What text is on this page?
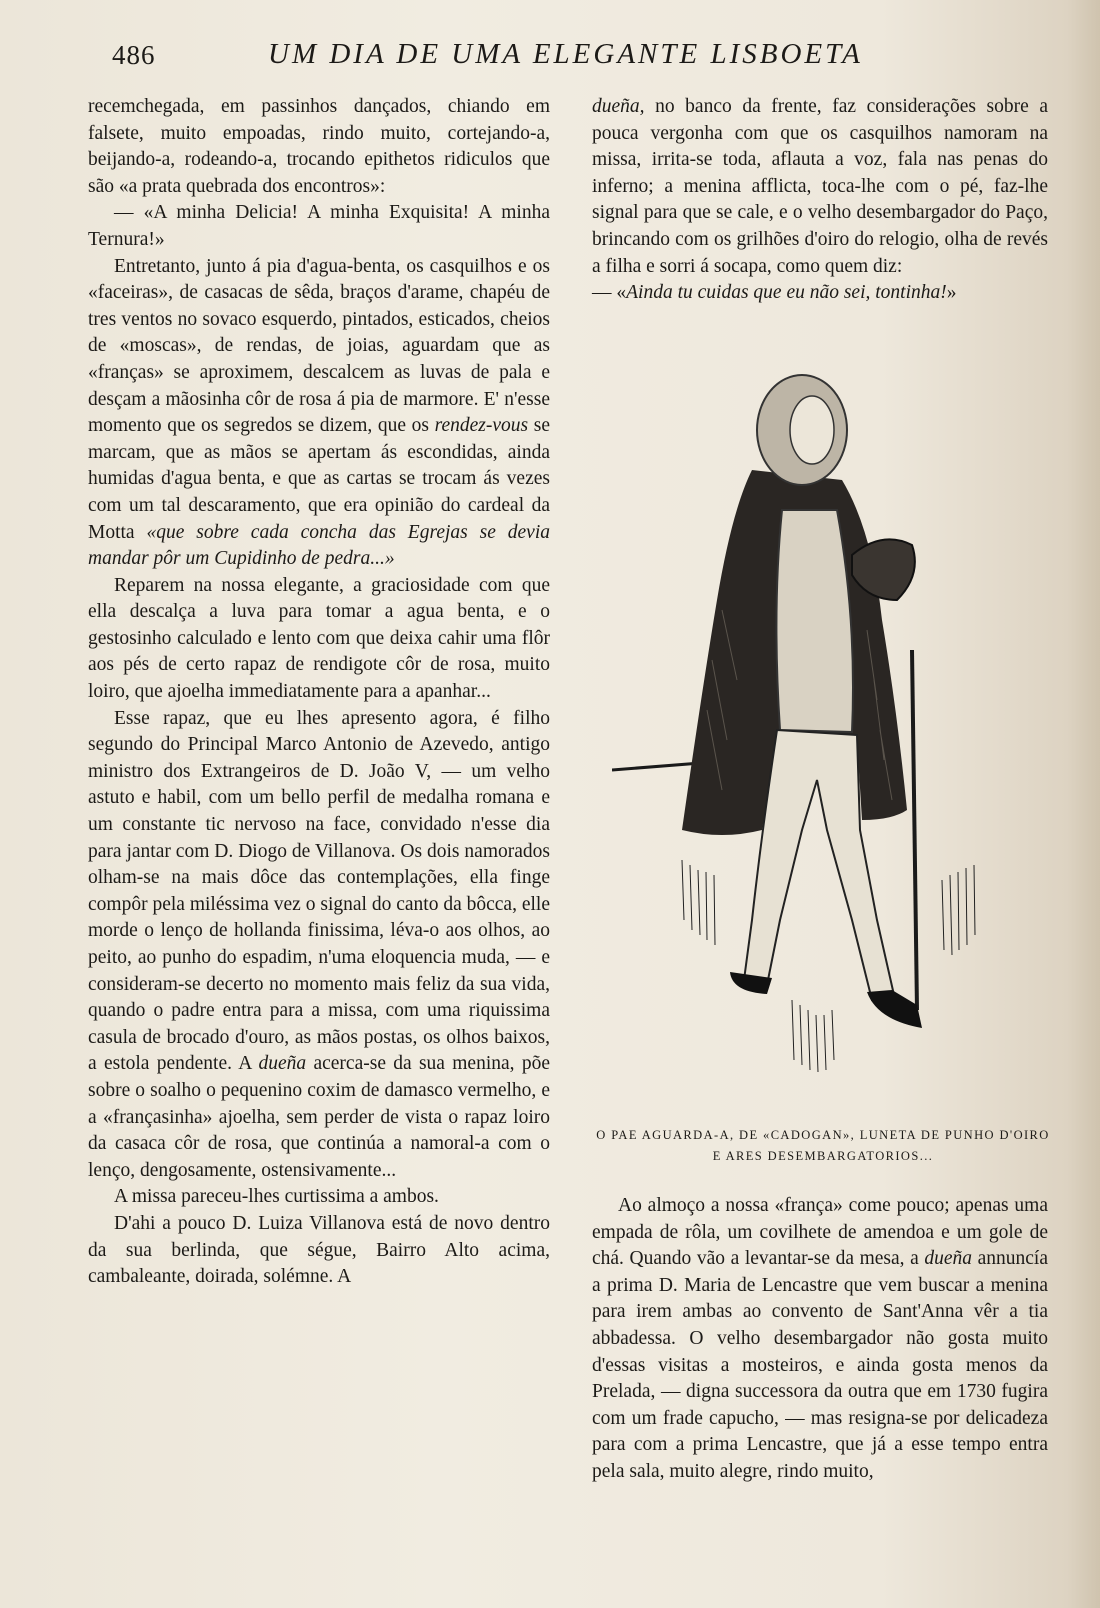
486	UM DIA DE UMA ELEGANTE LISBOETA

recemchegada, em passinhos dançados, chiando em falsete, muito empoadas, rindo muito, cortejando-a, beijando-a, rodeando-a, trocando epithetos ridiculos que são «a prata quebrada dos encontros»:

— «A minha Delicia! A minha Exquisita! A minha Ternura!»

Entretanto, junto á pia d'agua-benta, os casquilhos e os «faceiras», de casacas de sêda, braços d'arame, chapéu de tres ventos no sovaco esquerdo, pintados, esticados, cheios de «moscas», de rendas, de joias, aguardam que as «franças» se aproximem, descalcem as luvas de pala e desçam a mãosinha côr de rosa á pia de marmore. E' n'esse momento que os segredos se dizem, que os rendez-vous se marcam, que as mãos se apertam ás escondidas, ainda humidas d'agua benta, e que as cartas se trocam ás vezes com um tal descaramento, que era opinião do cardeal da Motta «que sobre cada concha das Egrejas se devia mandar pôr um Cupidinho de pedra...»

Reparem na nossa elegante, a graciosidade com que ella descalça a luva para tomar a agua benta, e o gestosinho calculado e lento com que deixa cahir uma flôr aos pés de certo rapaz de rendigote côr de rosa, muito loiro, que ajoelha immediatamente para a apanhar...

Esse rapaz, que eu lhes apresento agora, é filho segundo do Principal Marco Antonio de Azevedo, antigo ministro dos Extrangeiros de D. João V, — um velho astuto e habil, com um bello perfil de medalha romana e um constante tic nervoso na face, convidado n'esse dia para jantar com D. Diogo de Villanova. Os dois namorados olham-se na mais dôce das contemplações, ella finge compôr pela miléssima vez o signal do canto da bôcca, elle morde o lenço de hollanda finissima, léva-o aos olhos, ao peito, ao punho do espadim, n'uma eloquencia muda, — e consideram-se decerto no momento mais feliz da sua vida, quando o padre entra para a missa, com uma riquissima casula de brocado d'ouro, as mãos postas, os olhos baixos, a estola pendente. A dueña acerca-se da sua menina, põe sobre o soalho o pequenino coxim de damasco vermelho, e a «françasinha» ajoelha, sem perder de vista o rapaz loiro da casaca côr de rosa, que continúa a namoral-a com o lenço, dengosamente, ostensivamente...

A missa pareceu-lhes curtissima a ambos.

D'ahi a pouco D. Luiza Villanova está de novo dentro da sua berlinda, que ségue, Bairro Alto acima, cambaleante, doirada, solémne. A

dueña, no banco da frente, faz considerações sobre a pouca vergonha com que os casquilhos namoram na missa, irrita-se toda, aflauta a voz, fala nas penas do inferno; a menina afflicta, toca-lhe com o pé, faz-lhe signal para que se cale, e o velho desembargador do Paço, brincando com os grilhões d'oiro do relogio, olha de revés a filha e sorri á socapa, como quem diz:
— «Ainda tu cuidas que eu não sei, tontinha!»

O PAE AGUARDA-A, DE «CADOGAN», LUNETA DE PUNHO D'OIRO
E ARES DESEMBARGATORIOS...

Ao almoço a nossa «françа» come pouco; apenas uma empada de rôla, um covilhete de amendoa e um gole de chá. Quando vão a levantar-se da mesa, a dueña annuncía a prima D. Maria de Lencastre que vem buscar a menina para irem ambas ao convento de Sant'Anna vêr a tia abbadessa. O velho desembargador não gosta muito d'essas visitas a mosteiros, e ainda gosta menos da Prelada, — digna successora da outra que em 1730 fugira com um frade capucho, — mas resigna-se por delicadeza para com a prima Lencastre, que já a esse tempo entra pela sala, muito alegre, rindo muito,
